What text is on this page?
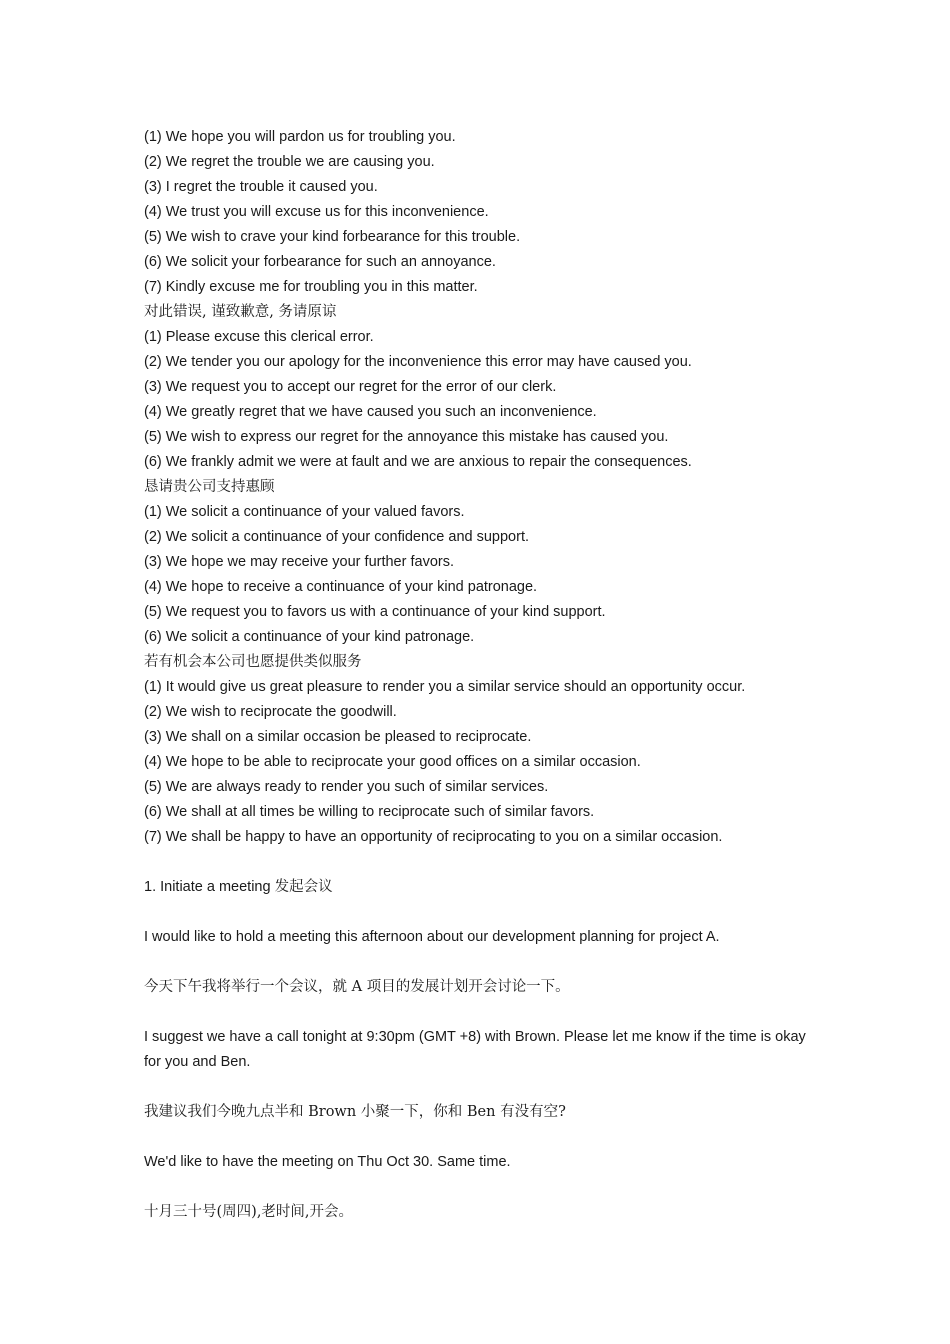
(1) We hope you will pardon us for troubling you.
(2) We regret the trouble we are causing you.
(3) I regret the trouble it caused you.
(4) We trust you will excuse us for this inconvenience.
(5) We wish to crave your kind forbearance for this trouble.
(6) We solicit your forbearance for such an annoyance.
(7) Kindly excuse me for troubling you in this matter.
对此错误, 谨致歉意, 务请原谅
(1) Please excuse this clerical error.
(2) We tender you our apology for the inconvenience this error may have caused you.
(3) We request you to accept our regret for the error of our clerk.
(4) We greatly regret that we have caused you such an inconvenience.
(5) We wish to express our regret for the annoyance this mistake has caused you.
(6) We frankly admit we were at fault and we are anxious to repair the consequences.
恳请贵公司支持惠顾
(1) We solicit a continuance of your valued favors.
(2) We solicit a continuance of your confidence and support.
(3) We hope we may receive your further favors.
(4) We hope to receive a continuance of your kind patronage.
(5) We request you to favors us with a continuance of your kind support.
(6) We solicit a continuance of your kind patronage.
若有机会本公司也愿提供类似服务
(1) It would give us great pleasure to render you a similar service should an opportunity occur.
(2) We wish to reciprocate the goodwill.
(3) We shall on a similar occasion be pleased to reciprocate.
(4) We hope to be able to reciprocate your good offices on a similar occasion.
(5) We are always ready to render you such of similar services.
(6) We shall at all times be willing to reciprocate such of similar favors.
(7) We shall be happy to have an opportunity of reciprocating to you on a similar occasion.
1. Initiate a meeting 发起会议
I would like to hold a meeting this afternoon about our development planning for project A.
今天下午我将举行一个会议，就 A 项目的发展计划开会讨论一下。
I suggest we have a call tonight at 9:30pm (GMT +8) with Brown. Please let me know if the time is okay for you and Ben.
我建议我们今晚九点半和 Brown 小聚一下，你和 Ben 有没有空?
We'd like to have the meeting on Thu Oct 30. Same time.
十月三十号(周四),老时间,开会。
